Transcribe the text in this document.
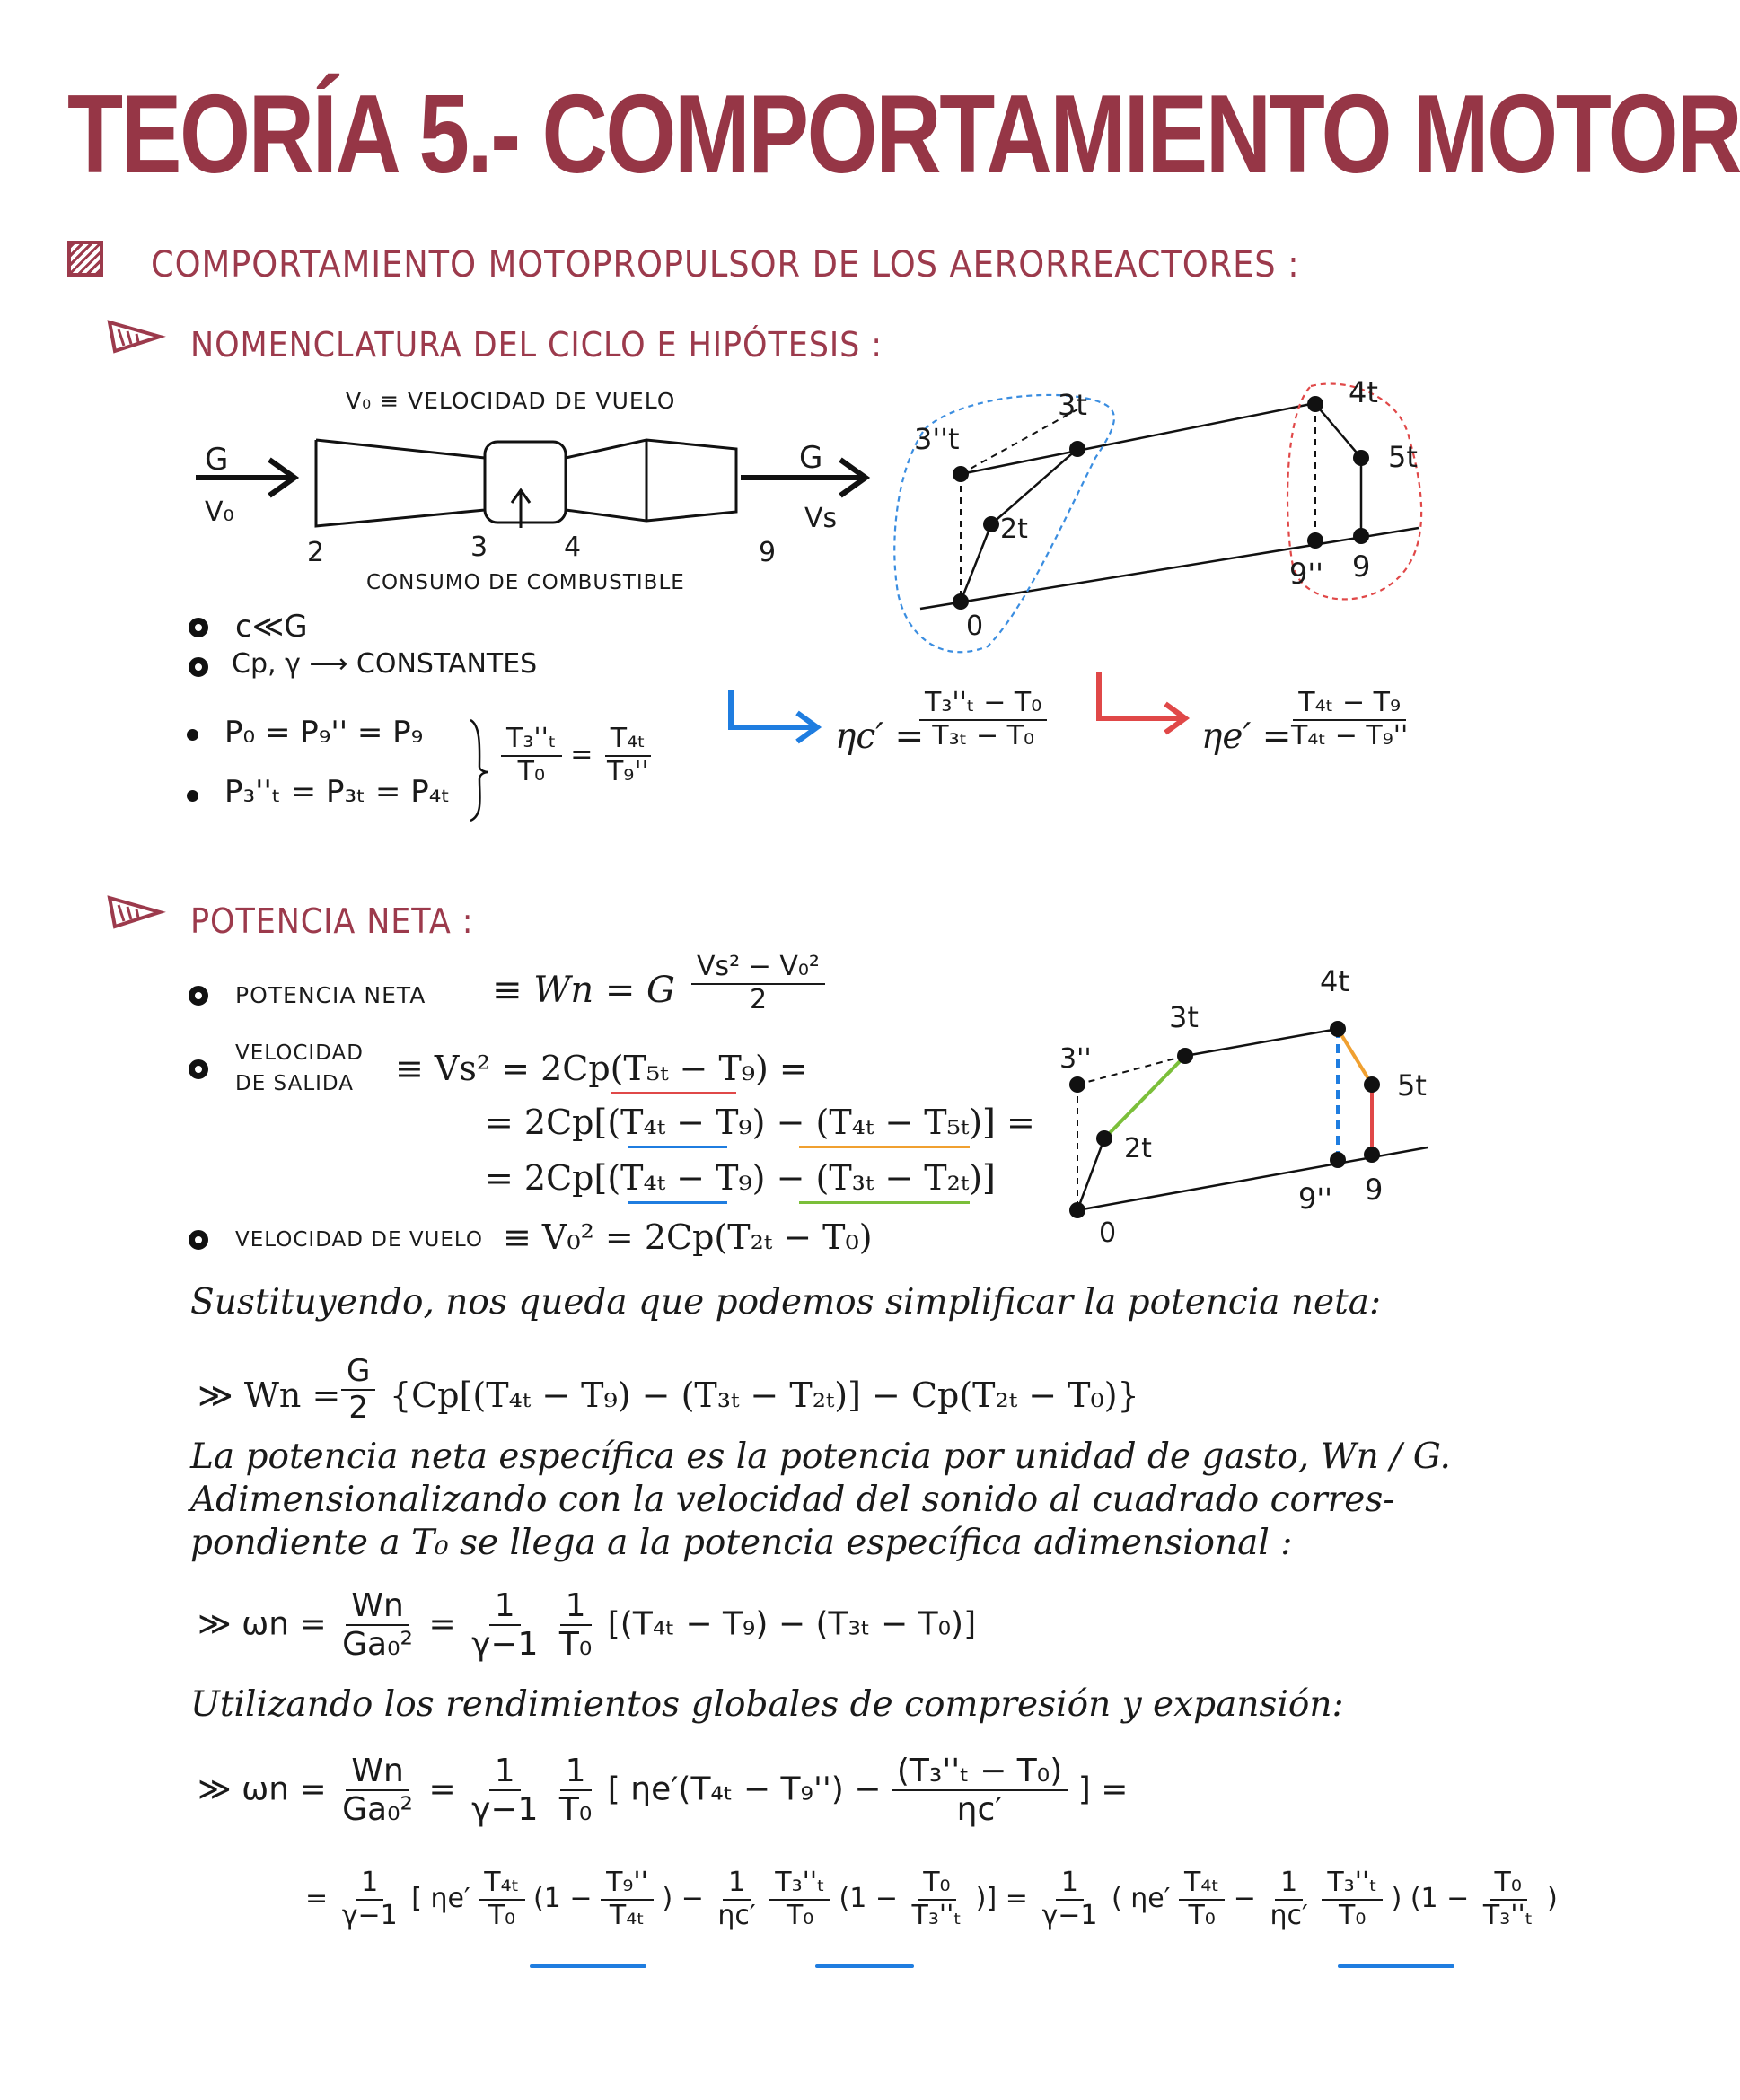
TEORÍA 5.- COMPORTAMIENTO MOTOR
COMPORTAMIENTO MOTOPROPULSOR DE LOS AERORREACTORES :
NOMENCLATURA DEL CICLO E HIPÓTESIS :
V₀ ≡ VELOCIDAD DE VUELO
G
V₀
G
Vs
2	3	4	9
CONSUMO DE COMBUSTIBLE
0
2t
3t
3''t
4t
5t
9
9''
c≪G
Cp, γ ⟶ CONSTANTES
P₀ = P₉'' = P₉
P₃''ₜ = P₃ₜ = P₄ₜ
$\frac{\text{T₃''ₜ}}{\text{T₀}} = \frac{\text{T₄ₜ}}{\text{T₉''}}$	ηc′ =
$\frac{\text{T₃''ₜ − T₀}}{\text{T₃ₜ − T₀}}$	ηe′ =
$\frac{\text{T₄ₜ − T₉}}{\text{T₄ₜ − T₉''}}$
POTENCIA NETA :
POTENCIA NETA ≡ Wn = G $\frac{\text{Vs² − V₀²}}{2}$
VELOCIDAD
DE SALIDA ≡ Vs² = 2Cp(T₅ₜ − T₉) =
= 2Cp[(T₄ₜ − T₉) − (T₄ₜ − T₅ₜ)] =
= 2Cp[(T₄ₜ − T₉) − (T₃ₜ − T₂ₜ)]
VELOCIDAD DE VUELO ≡ V₀² = 2Cp(T₂ₜ − T₀)	0
2t
3t
3''
4t
5t
9
9''
Sustituyendo, nos queda que podemos simplificar la potencia neta:
≫ $Wn = \frac{G}{2} \{Cp[(T_{4t} - T_9) - (T_{3t} - T_{2t})] - Cp(T_{2t} - T_0)\}$
La potencia neta específica es la potencia por unidad de gasto, Wn / G.
Adimensionalizando con la velocidad del sonido al cuadrado corres-
pondiente a T₀ se llega a la potencia específica adimensional :
≫ $\omega n = \frac{Wn}{\text{Ga₀²}} = \frac{1}{\gamma-1}$
$\frac{1}{\text{T₀}} [(T_{4t} - T_9) - (T_{3t} - T_0)]$
Utilizando los rendimientos globales de compresión y expansión:
≫ $\omega n = \frac{Wn}{\text{Ga₀²}} = \frac{1}{\gamma-1}$
$\frac{1}{\text{T₀}}$ [ $\eta e'(T_{4t} - T_9'') - \frac{\text{(T₃''ₜ − T₀)}}{\eta c'}$ ] =
= $\frac{1}{\gamma-1}$ [ $\eta e' \frac{\text{T₄ₜ}}{\text{T₀}} (1 - \frac{\text{T₉''}}{\text{T₄ₜ}}$ ) − $\frac{1}{\eta c'}$
$\frac{\text{T₃''ₜ}}{\text{T₀}} (1 - \frac{\text{T₀}}{\text{T₃''ₜ}}$ )] = $\frac{1}{\gamma-1}$ ( $\eta e' \frac{\text{T₄ₜ}}{\text{T₀}} - \frac{1}{\eta c'}$
$\frac{\text{T₃''ₜ}}{\text{T₀}}$ ) ($1 - \frac{\text{T₀}}{\text{T₃''ₜ}}$ )
